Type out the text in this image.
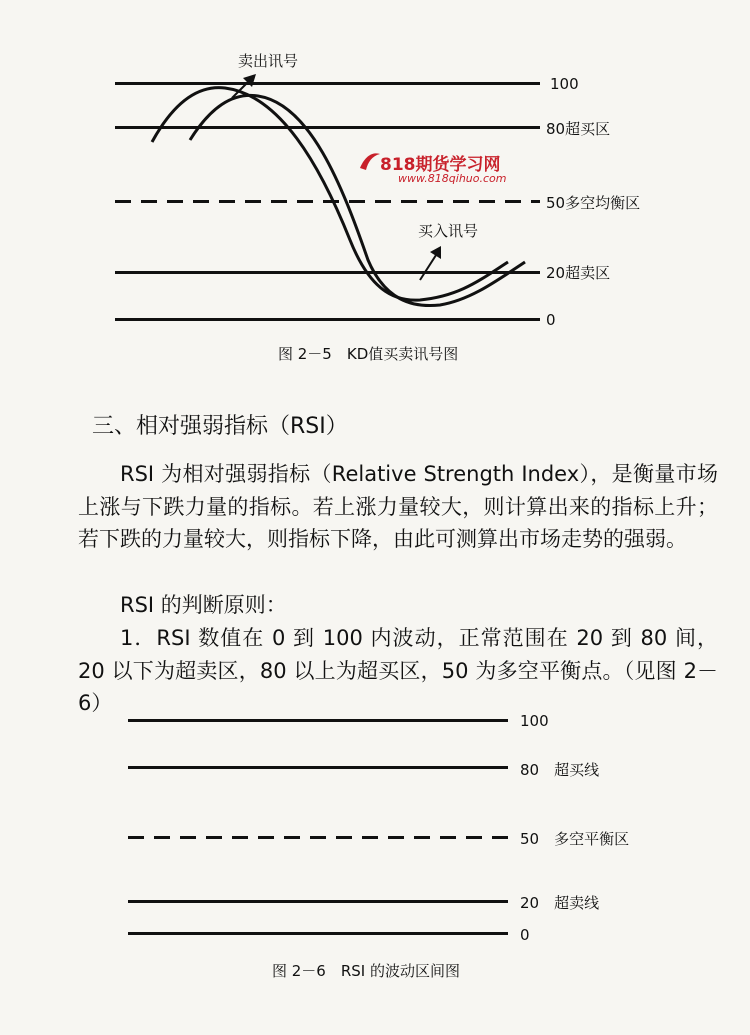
卖出讯号
买入讯号
100
80超买区
50多空均衡区
20超卖区
0
图 2－5　KD值买卖讯号图
818期货学习网
www.818qihuo.com
三、相对强弱指标（RSI）
RSI 为相对强弱指标（Relative Strength Index），是衡量市场上涨与下跌力量的指标。若上涨力量较大，则计算出来的指标上升；若下跌的力量较大，则指标下降，由此可测算出市场走势的强弱。
RSI 的判断原则：
1．RSI 数值在 0 到 100 内波动，正常范围在 20 到 80 间，20 以下为超卖区，80 以上为超买区，50 为多空平衡点。（见图 2－6）
100
80　超买线
50　多空平衡区
20　超卖线
0
图 2－6　RSI 的波动区间图
